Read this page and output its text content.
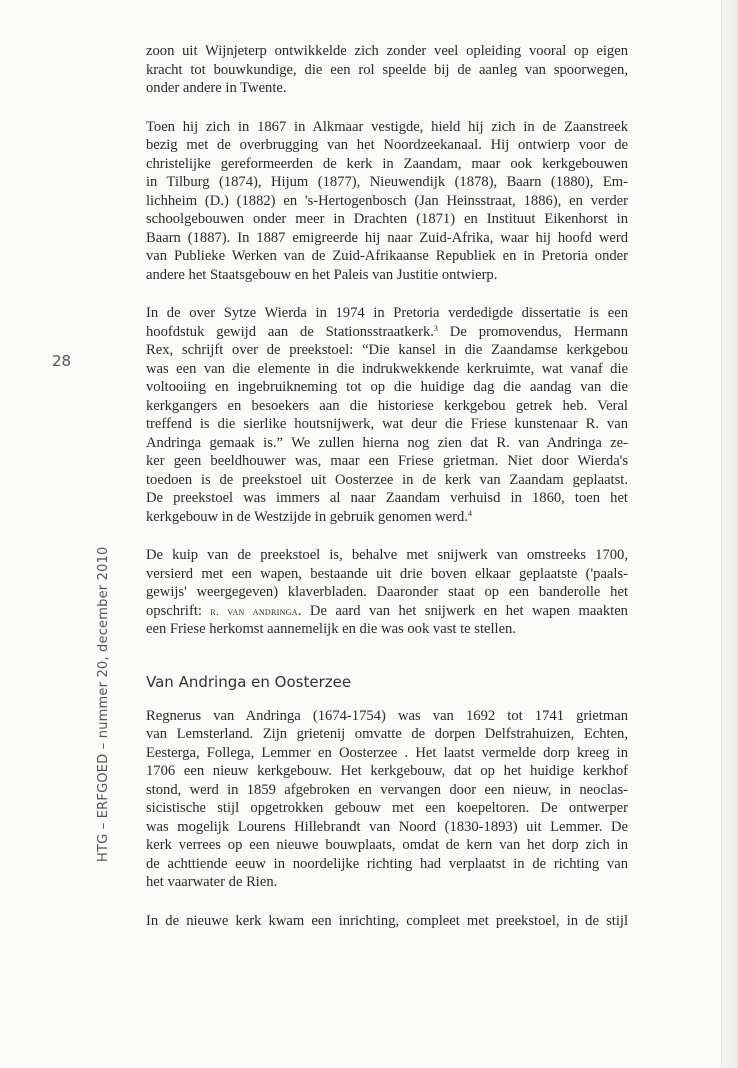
28
HTG – ERFGOED – nummer 20, december 2010

zoon uit Wijnjeterp ontwikkelde zich zonder veel opleiding vooral op eigen
kracht tot bouwkundige, die een rol speelde bij de aanleg van spoorwegen,
onder andere in Twente.

Toen hij zich in 1867 in Alkmaar vestigde, hield hij zich in de Zaanstreek
bezig met de overbrugging van het Noordzeekanaal. Hij ontwierp voor de
christelijke gereformeerden de kerk in Zaandam, maar ook kerkgebouwen
in Tilburg (1874), Hijum (1877), Nieuwendijk (1878), Baarn (1880), Em-
lichheim (D.) (1882) en 's-Hertogenbosch (Jan Heinsstraat, 1886), en verder
schoolgebouwen onder meer in Drachten (1871) en Instituut Eikenhorst in
Baarn (1887). In 1887 emigreerde hij naar Zuid-Afrika, waar hij hoofd werd
van Publieke Werken van de Zuid-Afrikaanse Republiek en in Pretoria onder
andere het Staatsgebouw en het Paleis van Justitie ontwierp.

In de over Sytze Wierda in 1974 in Pretoria verdedigde dissertatie is een
hoofdstuk gewijd aan de Stationsstraatkerk.$^3$ De promovendus, Hermann
Rex, schrijft over de preekstoel: “Die kansel in die Zaandamse kerkgebou
was een van die elemente in die indrukwekkende kerkruimte, wat vanaf die
voltooiing en ingebruikneming tot op die huidige dag die aandag van die
kerkgangers en besoekers aan die historiese kerkgebou getrek heb. Veral
treffend is die sierlike houtsnijwerk, wat deur die Friese kunstenaar R. van
Andringa gemaak is.” We zullen hierna nog zien dat R. van Andringa ze-
ker geen beeldhouwer was, maar een Friese grietman. Niet door Wierda's
toedoen is de preekstoel uit Oosterzee in de kerk van Zaandam geplaatst.
De preekstoel was immers al naar Zaandam verhuisd in 1860, toen het
kerkgebouw in de Westzijde in gebruik genomen werd.$^4$

De kuip van de preekstoel is, behalve met snijwerk van omstreeks 1700,
versierd met een wapen, bestaande uit drie boven elkaar geplaatste ('paals-
gewijs' weergegeven) klaverbladen. Daaronder staat op een banderolle het
opschrift: r. van andringa. De aard van het snijwerk en het wapen maakten
een Friese herkomst aannemelijk en die was ook vast te stellen.

Van Andringa en Oosterzee

Regnerus van Andringa (1674-1754) was van 1692 tot 1741 grietman
van Lemsterland. Zijn grietenij omvatte de dorpen Delfstrahuizen, Echten,
Eesterga, Follega, Lemmer en Oosterzee . Het laatst vermelde dorp kreeg in
1706 een nieuw kerkgebouw. Het kerkgebouw, dat op het huidige kerkhof
stond, werd in 1859 afgebroken en vervangen door een nieuw, in neoclas-
sicistische stijl opgetrokken gebouw met een koepeltoren. De ontwerper
was mogelijk Lourens Hillebrandt van Noord (1830-1893) uit Lemmer. De
kerk verrees op een nieuwe bouwplaats, omdat de kern van het dorp zich in
de achttiende eeuw in noordelijke richting had verplaatst in de richting van
het vaarwater de Rien.

In de nieuwe kerk kwam een inrichting, compleet met preekstoel, in de stijl
